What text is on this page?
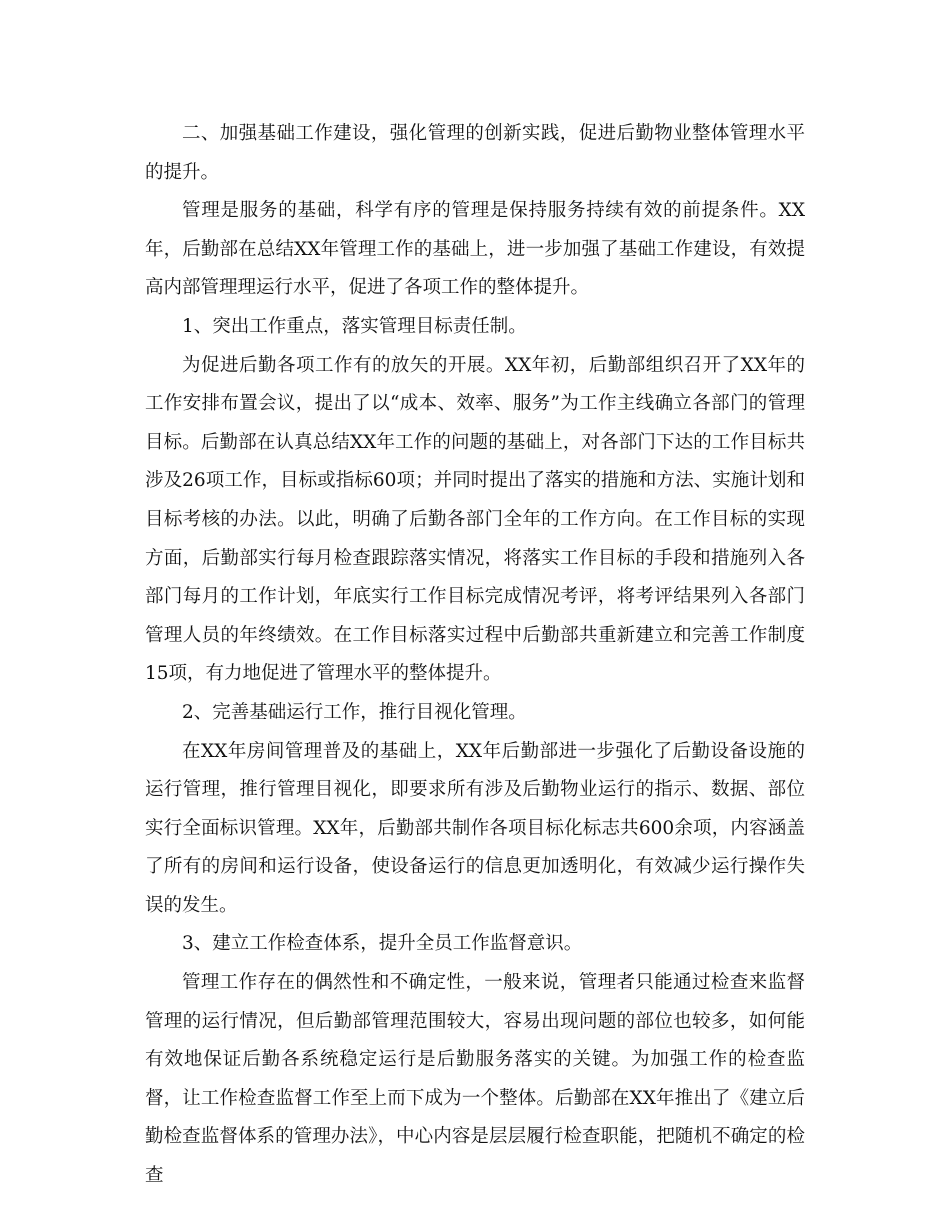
二、加强基础工作建设，强化管理的创新实践，促进后勤物业整体管理水平的提升。

管理是服务的基础，科学有序的管理是保持服务持续有效的前提条件。XX年，后勤部在总结XX年管理工作的基础上，进一步加强了基础工作建设，有效提高内部管理理运行水平，促进了各项工作的整体提升。

1、突出工作重点，落实管理目标责任制。

为促进后勤各项工作有的放矢的开展。XX年初，后勤部组织召开了XX年的工作安排布置会议，提出了以“成本、效率、服务”为工作主线确立各部门的管理目标。后勤部在认真总结XX年工作的问题的基础上，对各部门下达的工作目标共涉及26项工作，目标或指标60项；并同时提出了落实的措施和方法、实施计划和目标考核的办法。以此，明确了后勤各部门全年的工作方向。在工作目标的实现方面，后勤部实行每月检查跟踪落实情况，将落实工作目标的手段和措施列入各部门每月的工作计划，年底实行工作目标完成情况考评，将考评结果列入各部门管理人员的年终绩效。在工作目标落实过程中后勤部共重新建立和完善工作制度15项，有力地促进了管理水平的整体提升。

2、完善基础运行工作，推行目视化管理。

在XX年房间管理普及的基础上，XX年后勤部进一步强化了后勤设备设施的运行管理，推行管理目视化，即要求所有涉及后勤物业运行的指示、数据、部位实行全面标识管理。XX年，后勤部共制作各项目标化标志共600余项，内容涵盖了所有的房间和运行设备，使设备运行的信息更加透明化，有效减少运行操作失误的发生。

3、建立工作检查体系，提升全员工作监督意识。

管理工作存在的偶然性和不确定性，一般来说，管理者只能通过检查来监督管理的运行情况，但后勤部管理范围较大，容易出现问题的部位也较多，如何能有效地保证后勤各系统稳定运行是后勤服务落实的关键。为加强工作的检查监督，让工作检查监督工作至上而下成为一个整体。后勤部在XX年推出了《建立后勤检查监督体系的管理办法》，中心内容是层层履行检查职能，把随机不确定的检查
